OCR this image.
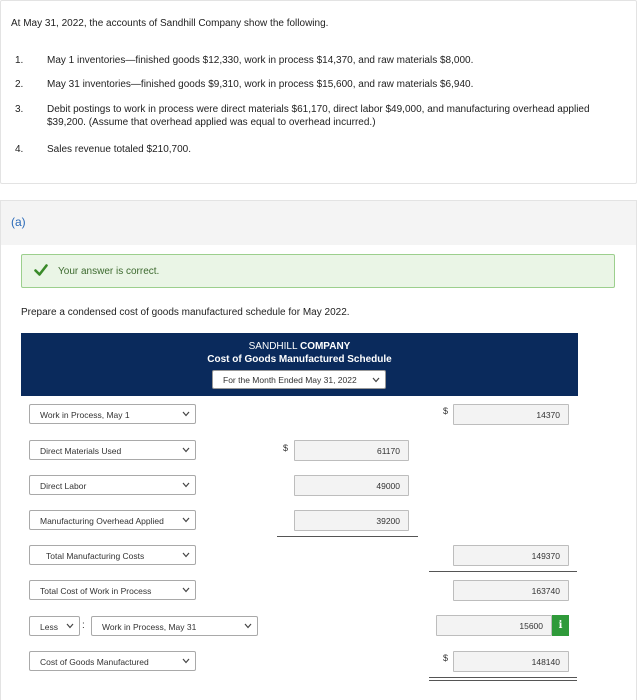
At May 31, 2022, the accounts of Sandhill Company show the following.
1. May 1 inventories—finished goods $12,330, work in process $14,370, and raw materials $8,000.
2. May 31 inventories—finished goods $9,310, work in process $15,600, and raw materials $6,940.
3. Debit postings to work in process were direct materials $61,170, direct labor $49,000, and manufacturing overhead applied $39,200. (Assume that overhead applied was equal to overhead incurred.)
4. Sales revenue totaled $210,700.
(a)
Your answer is correct.
Prepare a condensed cost of goods manufactured schedule for May 2022.
SANDHILL COMPANY
Cost of Goods Manufactured Schedule
For the Month Ended May 31, 2022
Work in Process, May 1	$	14370
Direct Materials Used	$	61170
Direct Labor	49000
Manufacturing Overhead Applied	39200
Total Manufacturing Costs	149370
Total Cost of Work in Process	163740
Less	:	Work in Process, May 31	15600	i
Cost of Goods Manufactured	$	148140
